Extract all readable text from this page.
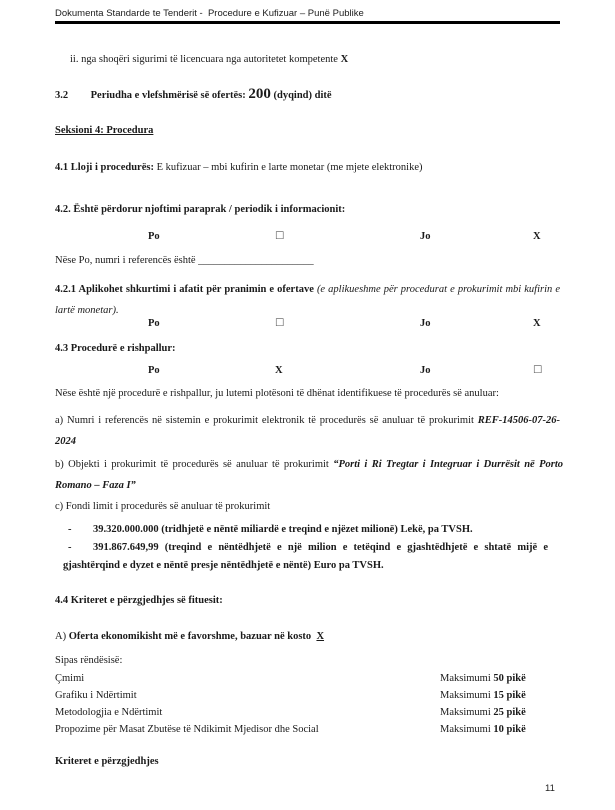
Dokumenta Standarde te Tenderit -  Procedure e Kufizuar – Punë Publike
ii. nga shoqëri sigurimi të licencuara nga autoritetet kompetente X
3.2 Periudha e vlefshmërisë së ofertës: 200 (dyqind) ditë
Seksioni 4: Procedura
4.1 Lloji i procedurës: E kufizuar – mbi kufirin e larte monetar (me mjete elektronike)
4.2. Është përdorur njoftimi paraprak / periodik i informacionit:
Po	☐	Jo	X
Nëse Po, numri i referencës është ______________________
4.2.1 Aplikohet shkurtimi i afatit për pranimin e ofertave (e aplikueshme për procedurat e prokurimit mbi kufirin e lartë monetar).
Po	☐	Jo	X
4.3 Procedurë e rishpallur:
Po	X	Jo	☐
Nëse është një procedurë e rishpallur, ju lutemi plotësoni të dhënat identifikuese të procedurës së anuluar:
a) Numri i referencës në sistemin e prokurimit elektronik të procedurës së anuluar të prokurimit REF-14506-07-26-2024
b) Objekti i prokurimit të procedurës së anuluar të prokurimit “Porti i Ri Tregtar i Integruar i Durrësit në Porto Romano – Faza I”
c) Fondi limit i procedurës së anuluar të prokurimit

- 39.320.000.000 (tridhjetë e nëntë miliardë e treqind e njëzet milionë) Lekë, pa TVSH.

- 391.867.649,99 (treqind e nëntëdhjetë e një milion e tetëqind e gjashtëdhjetë e shtatë mijë e gjashtërqind e dyzet e nëntë presje nëntëdhjetë e nëntë) Euro pa TVSH.

4.4 Kriteret e përzgjedhjes së fituesit:
A) Oferta ekonomikisht më e favorshme, bazuar në kosto X
Sipas rëndësisë:
Çmimi	Maksimumi 50 pikë
Grafiku i Ndërtimit	Maksimumi 15 pikë
Metodologjia e Ndërtimit	Maksimumi 25 pikë
Propozime për Masat Zbutëse të Ndikimit Mjedisor dhe Social	Maksimumi 10 pikë
Kriteret e përzgjedhjes
11
